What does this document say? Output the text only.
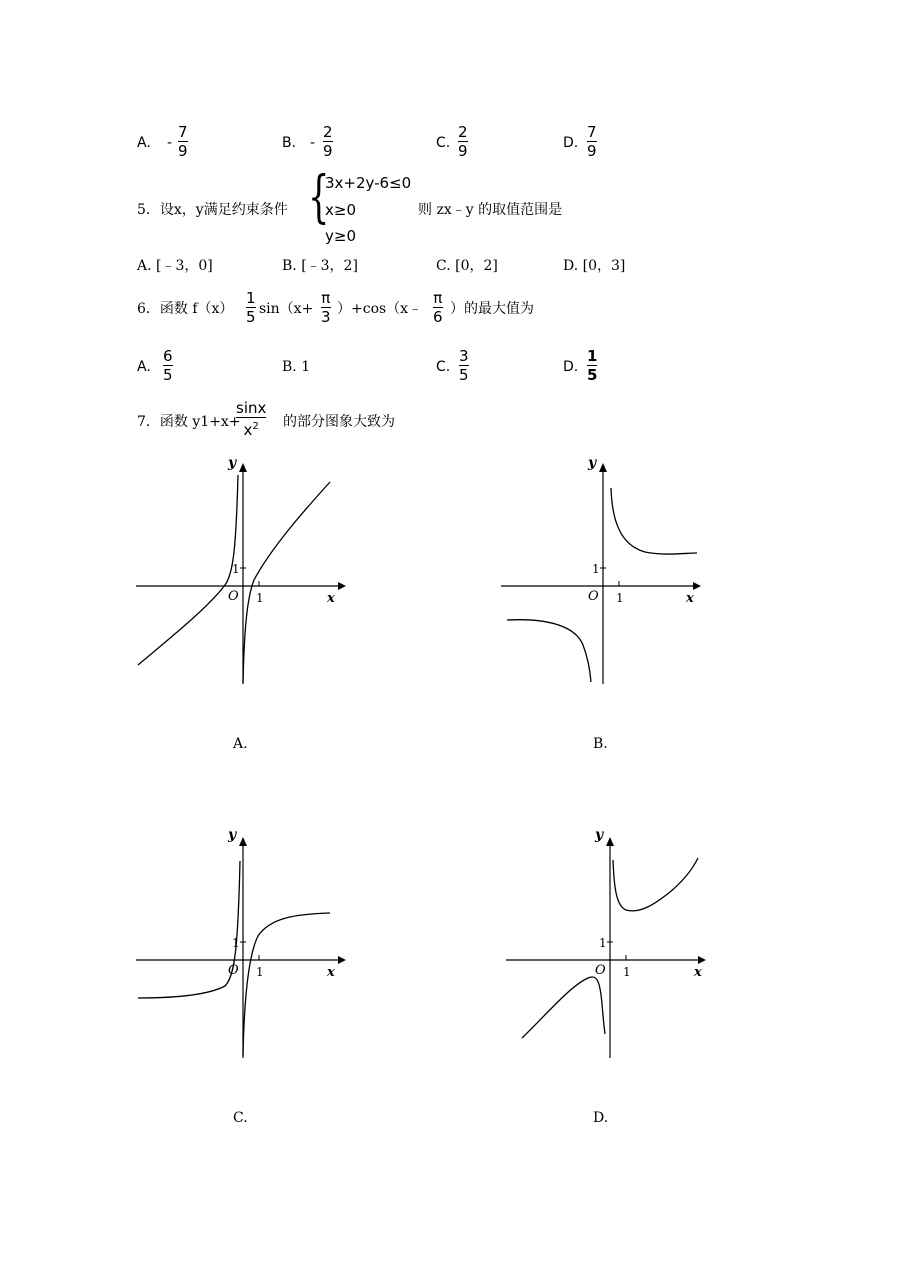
A. -
7
9	B. -
2
9	C.
2
9	D.
7
9
5．设x，y满足约束条件 {
3x+2y-6≤0
x≥0
y≥0
则 zx﹣y 的取值范围是
A. [﹣3，0]	B. [﹣3，2]	C. [0，2]	D. [0，3]
6．函数 f（x）
1
5 sin（x+
π
3 ）+cos（x﹣
π
6 ）的最大值为
A.
6
5	B. 1	C.
3
5	D.
1
5
7．函数 y1+x+
sinx
$x^2$	的部分图象大致为
y
x
O
1
1
y
x
O
1
1
y
x
O
1
1
y
x
O
1
1
A.	B.
C.	D.
